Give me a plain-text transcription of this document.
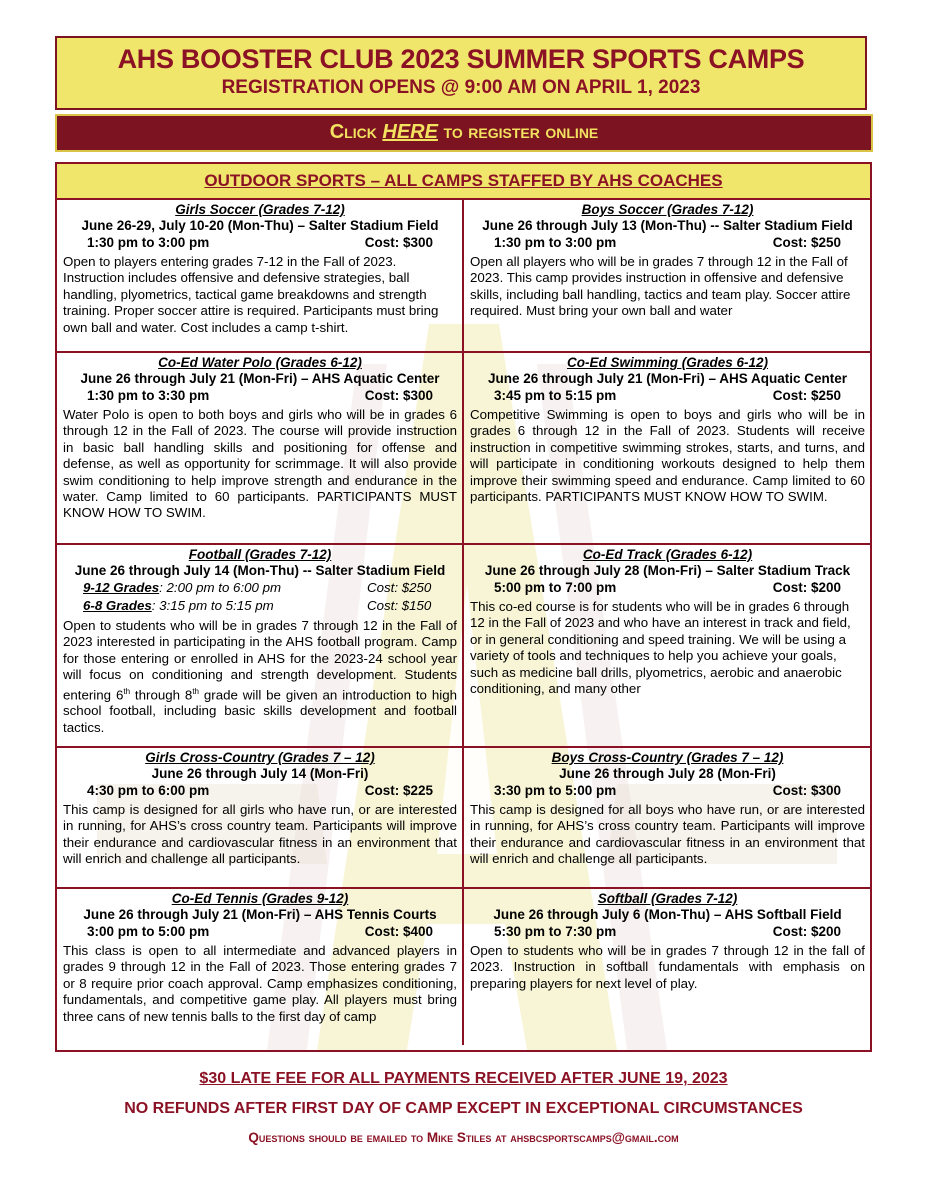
AHS BOOSTER CLUB 2023 SUMMER SPORTS CAMPS
REGISTRATION OPENS @ 9:00 AM ON APRIL 1, 2023
Click HERE to register online
OUTDOOR SPORTS – ALL CAMPS STAFFED BY AHS COACHES
Girls Soccer (Grades 7-12)
June 26-29, July 10-20 (Mon-Thu) – Salter Stadium Field
1:30 pm to 3:00 pm	Cost: $300
Open to players entering grades 7-12 in the Fall of 2023. Instruction includes offensive and defensive strategies, ball handling, plyometrics, tactical game breakdowns and strength training. Proper soccer attire is required. Participants must bring own ball and water. Cost includes a camp t-shirt.
Boys Soccer (Grades 7-12)
June 26 through July 13 (Mon-Thu) -- Salter Stadium Field
1:30 pm to 3:00 pm	Cost: $250
Open all players who will be in grades 7 through 12 in the Fall of 2023. This camp provides instruction in offensive and defensive skills, including ball handling, tactics and team play. Soccer attire required. Must bring your own ball and water
Co-Ed Water Polo (Grades 6-12)
June 26 through July 21 (Mon-Fri) – AHS Aquatic Center
1:30 pm to 3:30 pm	Cost: $300
Water Polo is open to both boys and girls who will be in grades 6 through 12 in the Fall of 2023. The course will provide instruction in basic ball handling skills and positioning for offense and defense, as well as opportunity for scrimmage. It will also provide swim conditioning to help improve strength and endurance in the water. Camp limited to 60 participants. PARTICIPANTS MUST KNOW HOW TO SWIM.
Co-Ed Swimming (Grades 6-12)
June 26 through July 21 (Mon-Fri) – AHS Aquatic Center
3:45 pm to 5:15 pm	Cost: $250
Competitive Swimming is open to boys and girls who will be in grades 6 through 12 in the Fall of 2023. Students will receive instruction in competitive swimming strokes, starts, and turns, and will participate in conditioning workouts designed to help them improve their swimming speed and endurance. Camp limited to 60 participants. PARTICIPANTS MUST KNOW HOW TO SWIM.
Football (Grades 7-12)
June 26 through July 14 (Mon-Thu) -- Salter Stadium Field
9-12 Grades : 2:00 pm to 6:00 pm	Cost: $250
6-8 Grades : 3:15 pm to 5:15 pm	Cost: $150
Open to students who will be in grades 7 through 12 in the Fall of 2023 interested in participating in the AHS football program. Camp for those entering or enrolled in AHS for the 2023-24 school year will focus on conditioning and strength development. Students entering 6th through 8th grade will be given an introduction to high school football, including basic skills development and football tactics.
Co-Ed Track (Grades 6-12)
June 26 through July 28 (Mon-Fri) – Salter Stadium Track
5:00 pm to 7:00 pm	Cost: $200
This co-ed course is for students who will be in grades 6 through 12 in the Fall of 2023 and who have an interest in track and field, or in general conditioning and speed training. We will be using a variety of tools and techniques to help you achieve your goals, such as medicine ball drills, plyometrics, aerobic and anaerobic conditioning, and many other
Girls Cross-Country (Grades 7 – 12)
June 26 through July 14 (Mon-Fri)
4:30 pm to 6:00 pm	Cost: $225
This camp is designed for all girls who have run, or are interested in running, for AHS’s cross country team. Participants will improve their endurance and cardiovascular fitness in an environment that will enrich and challenge all participants.
Boys Cross-Country (Grades 7 – 12)
June 26 through July 28 (Mon-Fri)
3:30 pm to 5:00 pm	Cost: $300
This camp is designed for all boys who have run, or are interested in running, for AHS’s cross country team. Participants will improve their endurance and cardiovascular fitness in an environment that will enrich and challenge all participants.
Co-Ed Tennis (Grades 9-12)
June 26 through July 21 (Mon-Fri) – AHS Tennis Courts
3:00 pm to 5:00 pm	Cost: $400
This class is open to all intermediate and advanced players in grades 9 through 12 in the Fall of 2023. Those entering grades 7 or 8 require prior coach approval. Camp emphasizes conditioning, fundamentals, and competitive game play. All players must bring three cans of new tennis balls to the first day of camp
Softball (Grades 7-12)
June 26 through July 6 (Mon-Thu) – AHS Softball Field
5:30 pm to 7:30 pm	Cost: $200
Open to students who will be in grades 7 through 12 in the fall of 2023. Instruction in softball fundamentals with emphasis on preparing players for next level of play.
$30 LATE FEE FOR ALL PAYMENTS RECEIVED AFTER JUNE 19, 2023
NO REFUNDS AFTER FIRST DAY OF CAMP EXCEPT IN EXCEPTIONAL CIRCUMSTANCES
Questions should be emailed to Mike Stiles at ahsbcsportscamps@gmail.com
